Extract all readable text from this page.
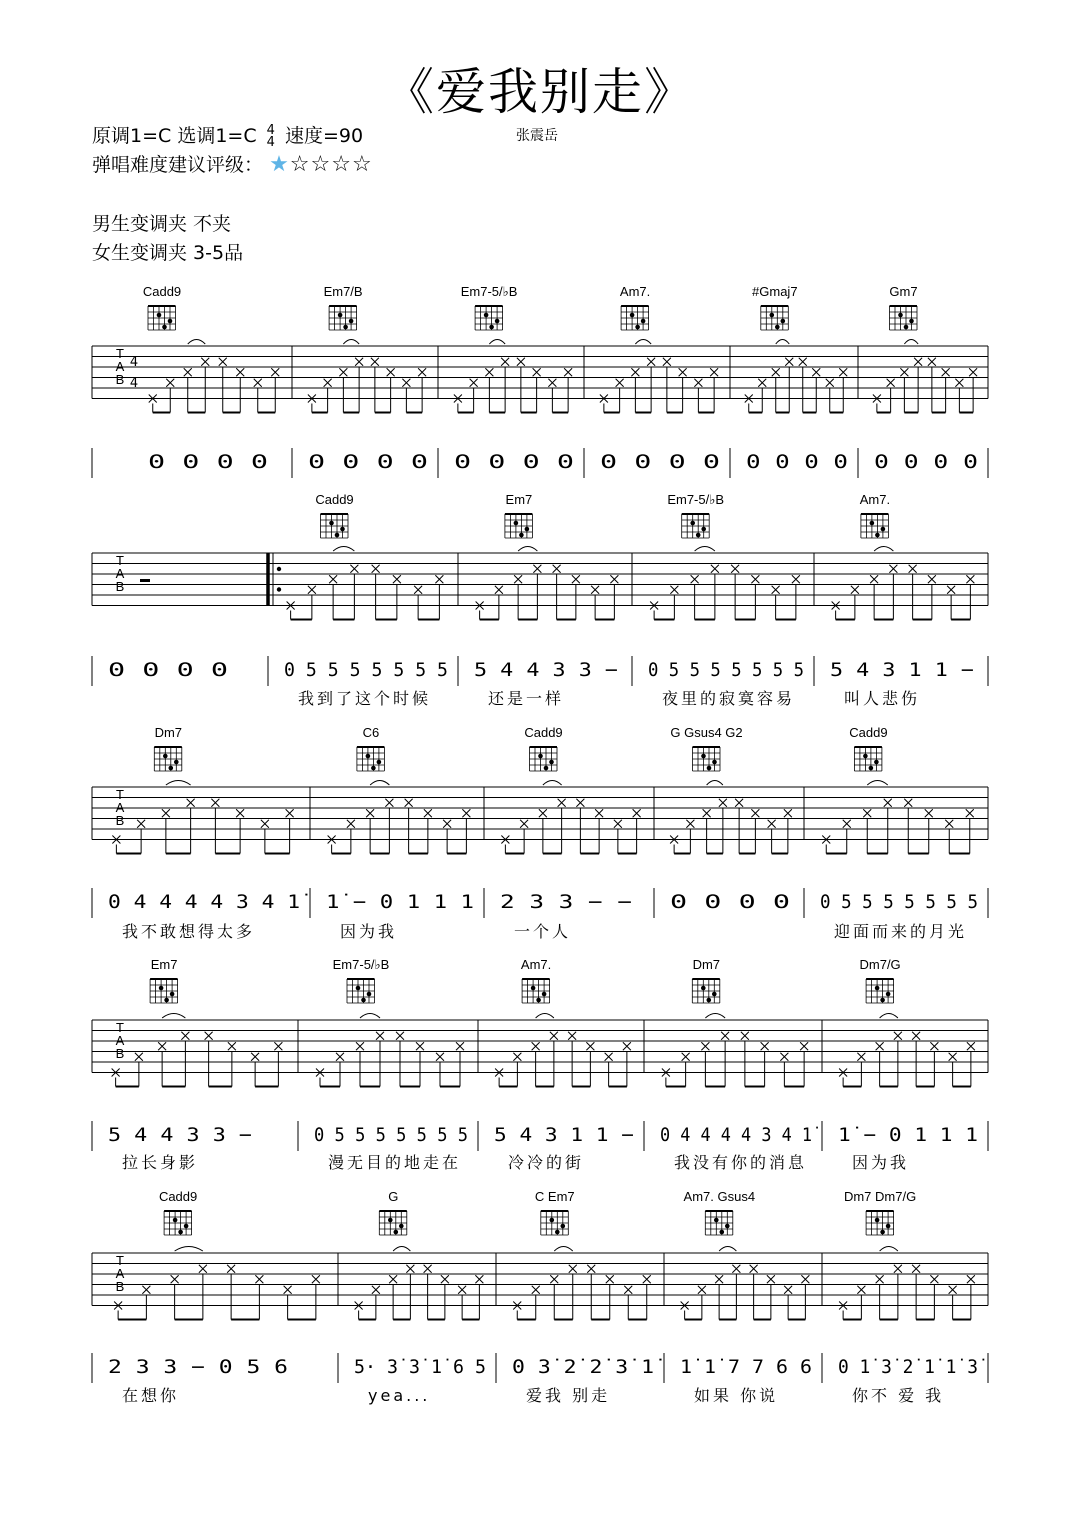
《爱我别走》
原调1=C 选调1=C 4
4 速度=90	张震岳
弹唱难度建议评级： ★☆☆☆☆
男生变调夹 不夹
女生变调夹 3-5品
T
A
B
Cadd9
4
4
0 0 0 0
Em7/B
0 0 0 0
Em7-5/♭B
0 0 0 0
Am7.
0 0 0 0
#Gmaj7
0 0 0 0
Gm7
0 0 0 0
T
A
B
0 0 0 0
Cadd9
0 5 5 5 5 5 5 5
我到了这个时候
Em7
5 4 4 3 3 −
还是一样
Em7-5/♭B
0 5 5 5 5 5 5 5
夜里的寂寞容易
Am7.
5 4 3 1 1 −
叫人悲伤
T
A
B
Dm7
0 4 4 4 4 3 4 1̇
我不敢想得太多
C6
1̇ − 0 1 1 1
因为我
Cadd9
2 3 3 − −
一个人
G Gsus4 G2
0 0 0 0
Cadd9
0 5 5 5 5 5 5 5
迎面而来的月光
T
A
B
Em7
5 4 4 3 3 −
拉长身影
Em7-5/♭B
0 5 5 5 5 5 5 5
漫无目的地走在
Am7.
5 4 3 1 1 −
冷冷的街
Dm7
0 4 4 4 4 3 4 1̇
我没有你的消息
Dm7/G
1̇ − 0 1 1 1
因为我
T
A
B
Cadd9
2 3 3 − 0 5 6
在想你
G
5· 3̇ 3̇ 1̇ 6 5
yea...
C Em7
0 3̇ 2̇ 2̇ 3̇ 1̇
爱我 别走
Am7. Gsus4
1̇ 1̇ 7 7 6 6
如果 你说
Dm7 Dm7/G
0 1̇ 3̇ 2̇ 1̇ 1̇ 3̇
你不 爱 我
